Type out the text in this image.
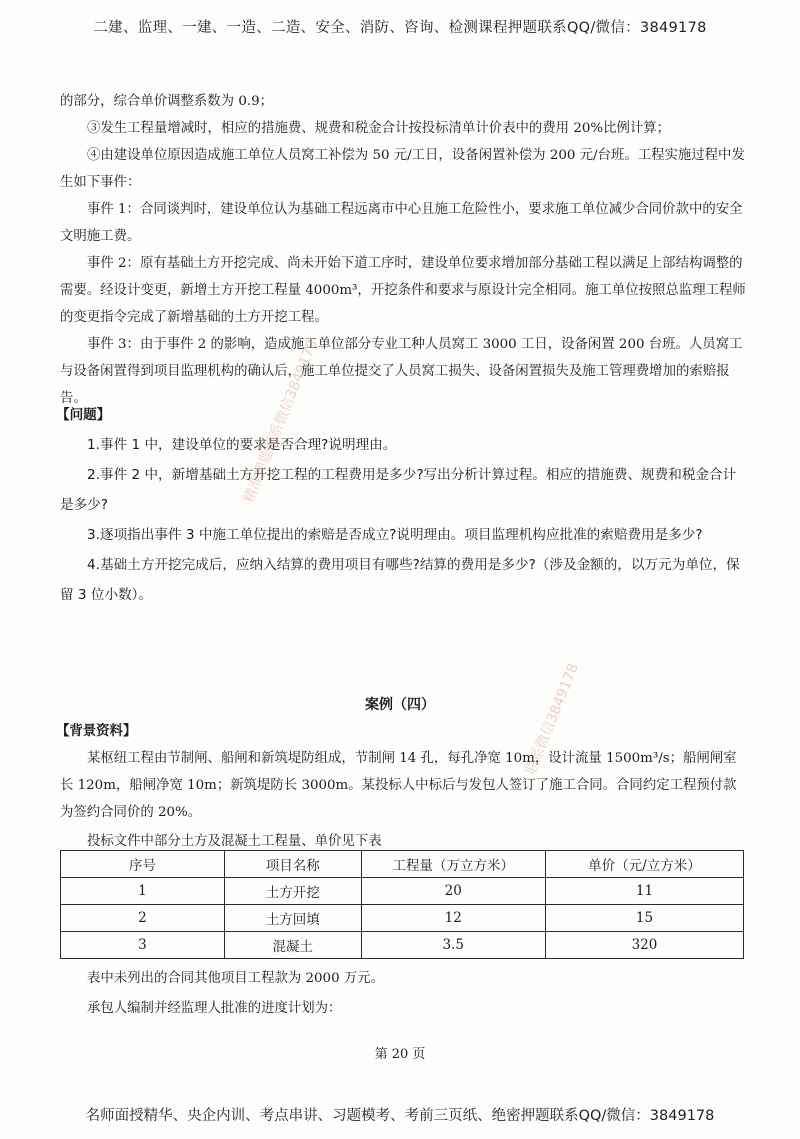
二建、监理、一建、一造、二造、安全、消防、咨询、检测课程押题联系QQ/微信：3849178

的部分，综合单价调整系数为 0.9；

③发生工程量增减时，相应的措施费、规费和税金合计按投标清单计价表中的费用 20%比例计算；

④由建设单位原因造成施工单位人员窝工补偿为 50 元/工日，设备闲置补偿为 200 元/台班。工程实施过程中发生如下事件：

事件 1：合同谈判时，建设单位认为基础工程远离市中心且施工危险性小，要求施工单位减少合同价款中的安全文明施工费。

事件 2：原有基础土方开挖完成、尚未开始下道工序时，建设单位要求增加部分基础工程以满足上部结构调整的需要。经设计变更，新增土方开挖工程量 4000m³，开挖条件和要求与原设计完全相同。施工单位按照总监理工程师的变更指令完成了新增基础的土方开挖工程。

事件 3：由于事件 2 的影响，造成施工单位部分专业工种人员窝工 3000 工日，设备闲置 200 台班。人员窝工与设备闲置得到项目监理机构的确认后，施工单位提交了人员窝工损失、设备闲置损失及施工管理费增加的索赔报告。

【问题】

1.事件 1 中，建设单位的要求是否合理?说明理由。

2.事件 2 中，新增基础土方开挖工程的工程费用是多少?写出分析计算过程。相应的措施费、规费和税金合计是多少?

3.逐项指出事件 3 中施工单位提出的索赔是否成立?说明理由。项目监理机构应批准的索赔费用是多少?

4.基础土方开挖完成后，应纳入结算的费用项目有哪些?结算的费用是多少?（涉及金额的，以万元为单位，保留 3 位小数）。

精准押题联系微信3849178
联系微信3849178
案例（四）

【背景资料】

某枢纽工程由节制闸、船闸和新筑堤防组成，节制闸 14 孔，每孔净宽 10m，设计流量 1500m³/s；船闸闸室长 120m，船闸净宽 10m；新筑堤防长 3000m。某投标人中标后与发包人签订了施工合同。合同约定工程预付款为签约合同价的 20%。

投标文件中部分土方及混凝土工程量、单价见下表

序号	项目名称	工程量（万立方米）	单价（元/立方米）
1	土方开挖	20	11
2	土方回填	12	15
3	混凝土	3.5	320

表中未列出的合同其他项目工程款为 2000 万元。

承包人编制并经监理人批准的进度计划为：

第 20 页
名师面授精华、央企内训、考点串讲、习题模考、考前三页纸、绝密押题联系QQ/微信：3849178
